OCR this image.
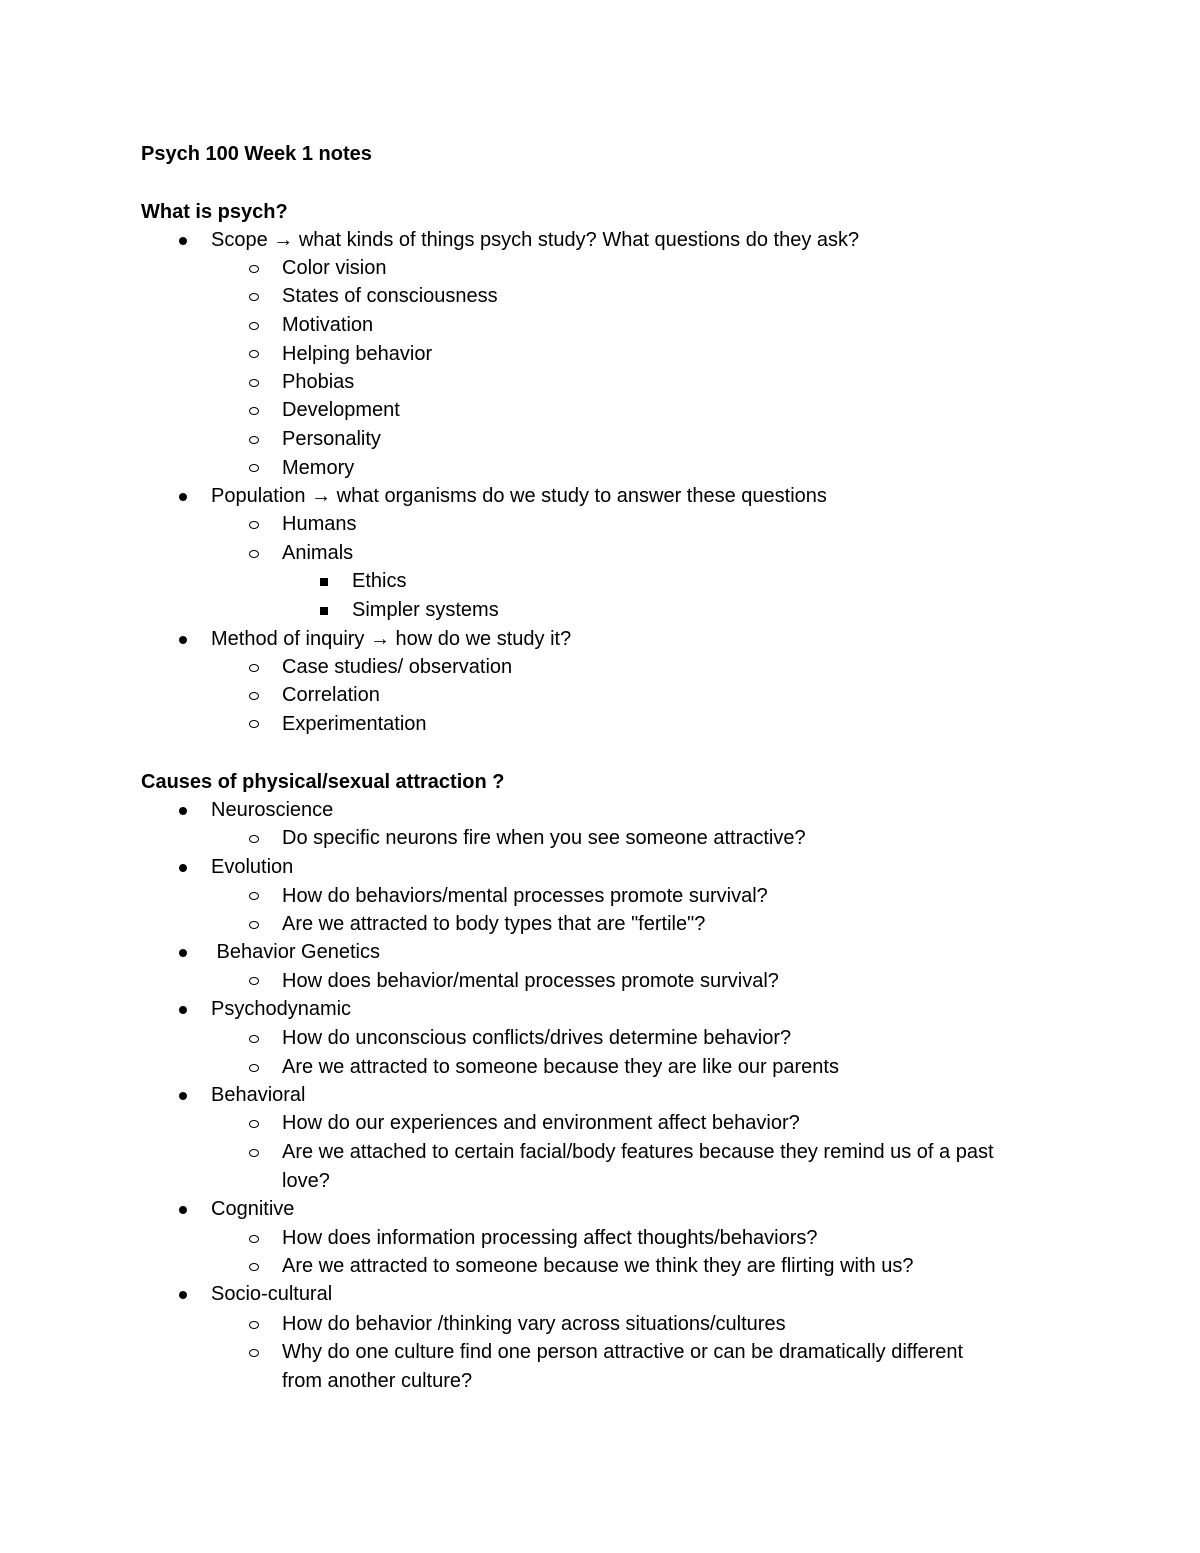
Psych 100 Week 1 notes
What is psych?
Scope → what kinds of things psych study? What questions do they ask?
Color vision
States of consciousness
Motivation
Helping behavior
Phobias
Development
Personality
Memory
Population → what organisms do we study to answer these questions
Humans
Animals
Ethics
Simpler systems
Method of inquiry → how do we study it?
Case studies/ observation
Correlation
Experimentation
Causes of physical/sexual attraction ?
Neuroscience
Do specific neurons fire when you see someone attractive?
Evolution
How do behaviors/mental processes promote survival?
Are we attracted to body types that are "fertile"?
Behavior Genetics
How does behavior/mental processes promote survival?
Psychodynamic
How do unconscious conflicts/drives determine behavior?
Are we attracted to someone because they are like our parents
Behavioral
How do our experiences and environment affect behavior?
Are we attached to certain facial/body features because they remind us of a past
love?
Cognitive
How does information processing affect thoughts/behaviors?
Are we attracted to someone because we think they are flirting with us?
Socio-cultural
How do behavior /thinking vary across situations/cultures
Why do one culture find one person attractive or can be dramatically different
from another culture?
